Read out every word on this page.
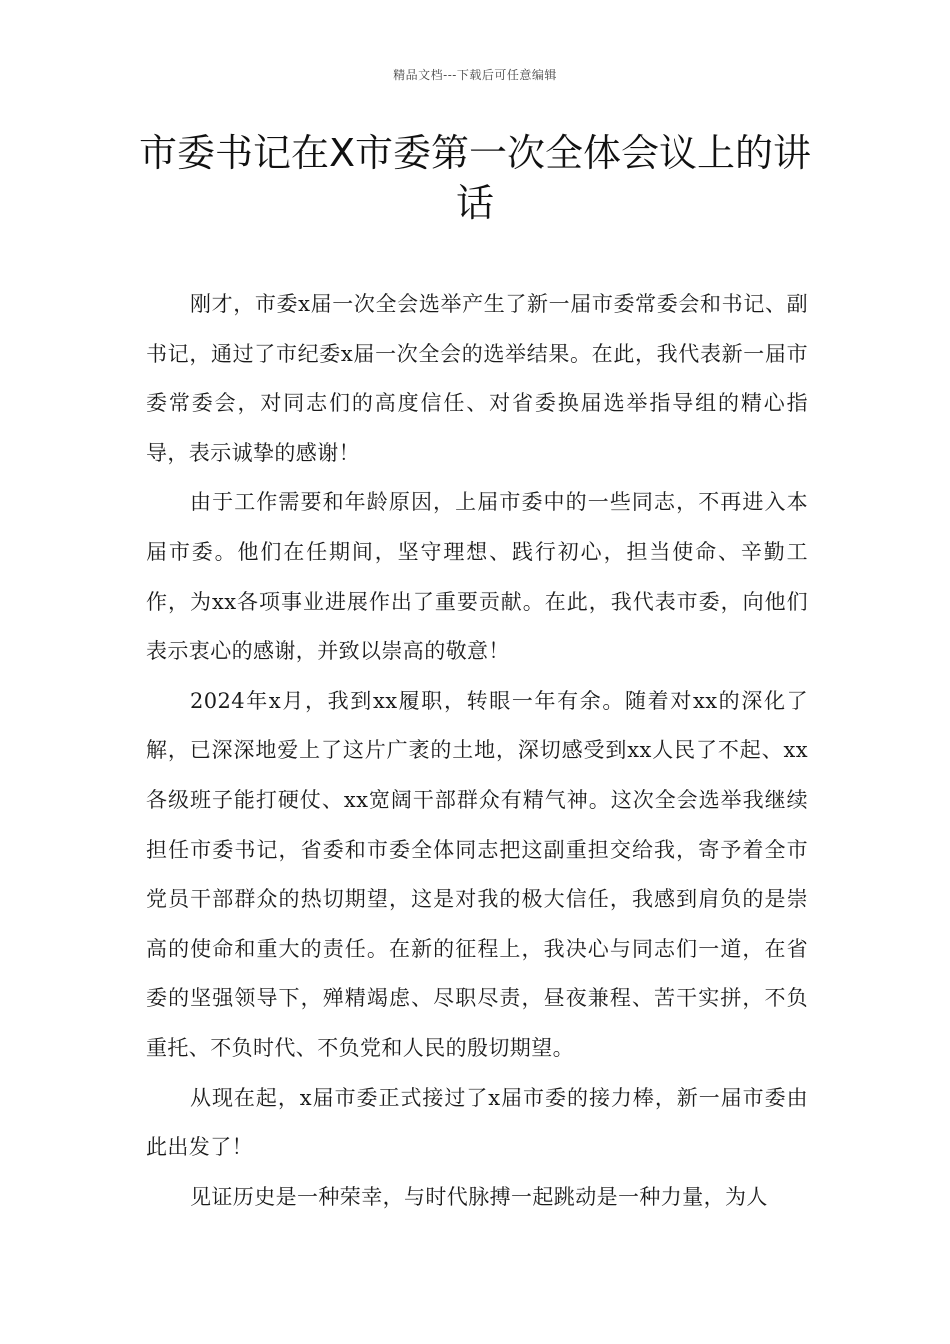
精品文档---下载后可任意编辑
市委书记在X市委第一次全体会议上的讲话

刚才，市委x届一次全会选举产生了新一届市委常委会和书记、副书记，通过了市纪委x届一次全会的选举结果。在此，我代表新一届市委常委会，对同志们的高度信任、对省委换届选举指导组的精心指导，表示诚挚的感谢！

由于工作需要和年龄原因，上届市委中的一些同志，不再进入本届市委。他们在任期间，坚守理想、践行初心，担当使命、辛勤工作，为xx各项事业进展作出了重要贡献。在此，我代表市委，向他们表示衷心的感谢，并致以崇高的敬意！

2024年x月，我到xx履职，转眼一年有余。随着对xx的深化了解，已深深地爱上了这片广袤的土地，深切感受到xx人民了不起、xx各级班子能打硬仗、xx宽阔干部群众有精气神。这次全会选举我继续担任市委书记，省委和市委全体同志把这副重担交给我，寄予着全市党员干部群众的热切期望，这是对我的极大信任，我感到肩负的是崇高的使命和重大的责任。在新的征程上，我决心与同志们一道，在省委的坚强领导下，殚精竭虑、尽职尽责，昼夜兼程、苦干实拼，不负重托、不负时代、不负党和人民的殷切期望。

从现在起，x届市委正式接过了x届市委的接力棒，新一届市委由此出发了！

见证历史是一种荣幸，与时代脉搏一起跳动是一种力量，为人
